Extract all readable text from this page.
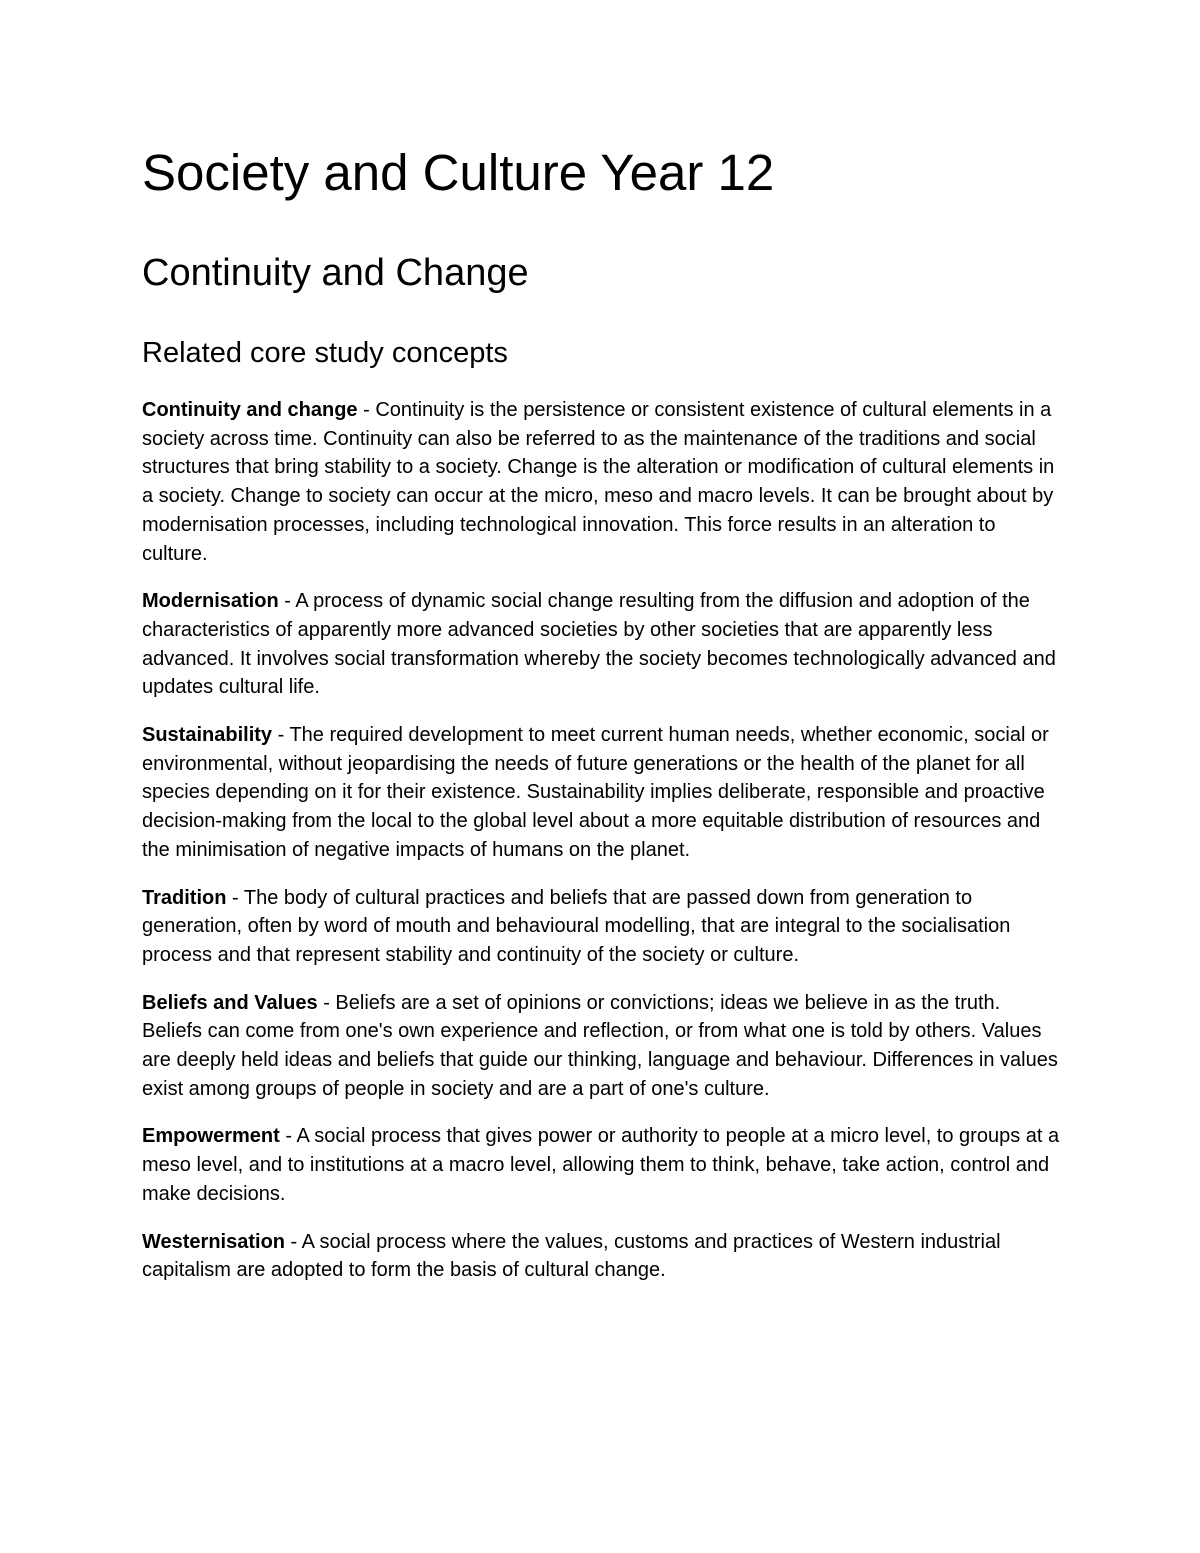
Society and Culture Year 12
Continuity and Change
Related core study concepts

Continuity and change - Continuity is the persistence or consistent existence of cultural elements in a society across time. Continuity can also be referred to as the maintenance of the traditions and social structures that bring stability to a society. Change is the alteration or modification of cultural elements in a society. Change to society can occur at the micro, meso and macro levels. It can be brought about by modernisation processes, including technological innovation. This force results in an alteration to culture.

Modernisation - A process of dynamic social change resulting from the diffusion and adoption of the characteristics of apparently more advanced societies by other societies that are apparently less advanced. It involves social transformation whereby the society becomes technologically advanced and updates cultural life.

Sustainability - The required development to meet current human needs, whether economic, social or environmental, without jeopardising the needs of future generations or the health of the planet for all species depending on it for their existence. Sustainability implies deliberate, responsible and proactive decision-making from the local to the global level about a more equitable distribution of resources and the minimisation of negative impacts of humans on the planet.

Tradition - The body of cultural practices and beliefs that are passed down from generation to generation, often by word of mouth and behavioural modelling, that are integral to the socialisation process and that represent stability and continuity of the society or culture.

Beliefs and Values - Beliefs are a set of opinions or convictions; ideas we believe in as the truth. Beliefs can come from one's own experience and reflection, or from what one is told by others. Values are deeply held ideas and beliefs that guide our thinking, language and behaviour. Differences in values exist among groups of people in society and are a part of one's culture.

Empowerment - A social process that gives power or authority to people at a micro level, to groups at a meso level, and to institutions at a macro level, allowing them to think, behave, take action, control and make decisions.

Westernisation - A social process where the values, customs and practices of Western industrial capitalism are adopted to form the basis of cultural change.
